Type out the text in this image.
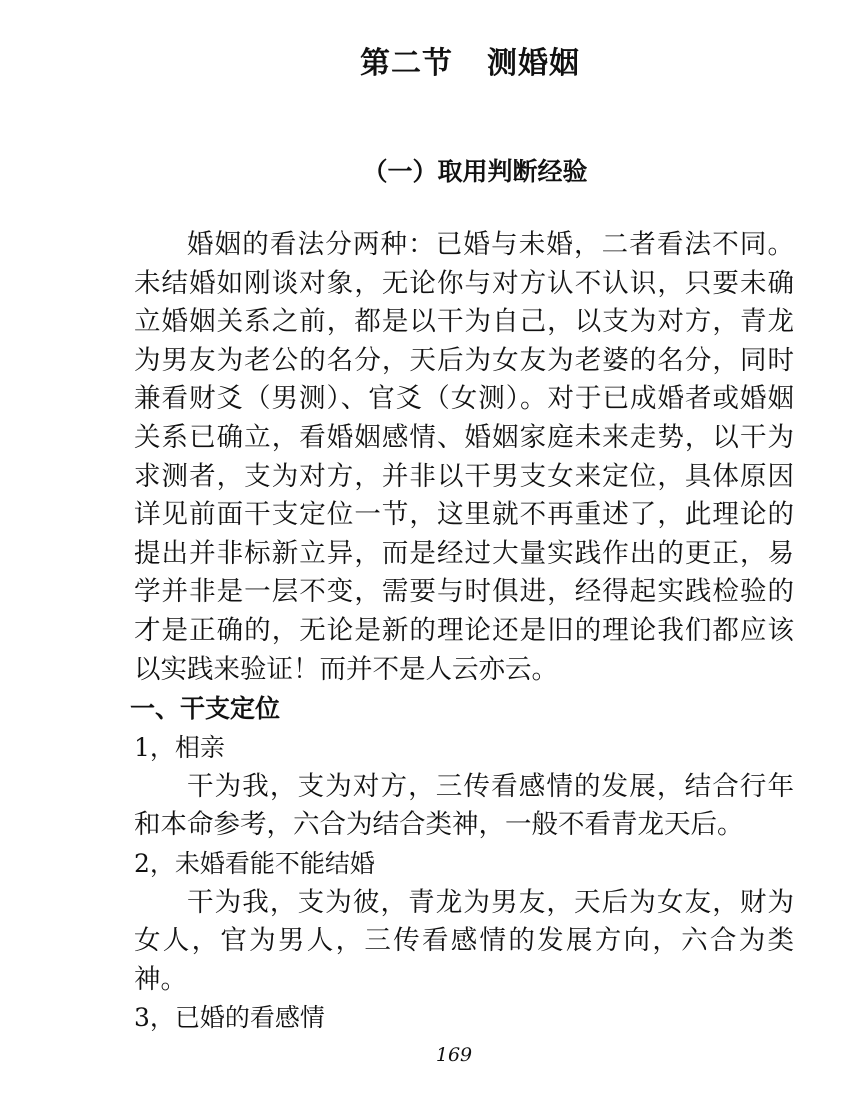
第二节 测婚姻
（一）取用判断经验

婚姻的看法分两种：已婚与未婚，二者看法不同。未结婚如刚谈对象，无论你与对方认不认识，只要未确立婚姻关系之前，都是以干为自己，以支为对方，青龙为男友为老公的名分，天后为女友为老婆的名分，同时兼看财爻（男测）、官爻（女测）。对于已成婚者或婚姻关系已确立，看婚姻感情、婚姻家庭未来走势，以干为求测者，支为对方，并非以干男支女来定位，具体原因详见前面干支定位一节，这里就不再重述了，此理论的提出并非标新立异，而是经过大量实践作出的更正，易学并非是一层不变，需要与时俱进，经得起实践检验的才是正确的，无论是新的理论还是旧的理论我们都应该以实践来验证！而并不是人云亦云。

一、干支定位

1，相亲

干为我，支为对方，三传看感情的发展，结合行年和本命参考，六合为结合类神，一般不看青龙天后。

2，未婚看能不能结婚

干为我，支为彼，青龙为男友，天后为女友，财为女人，官为男人，三传看感情的发展方向，六合为类神。

3，已婚的看感情

169
